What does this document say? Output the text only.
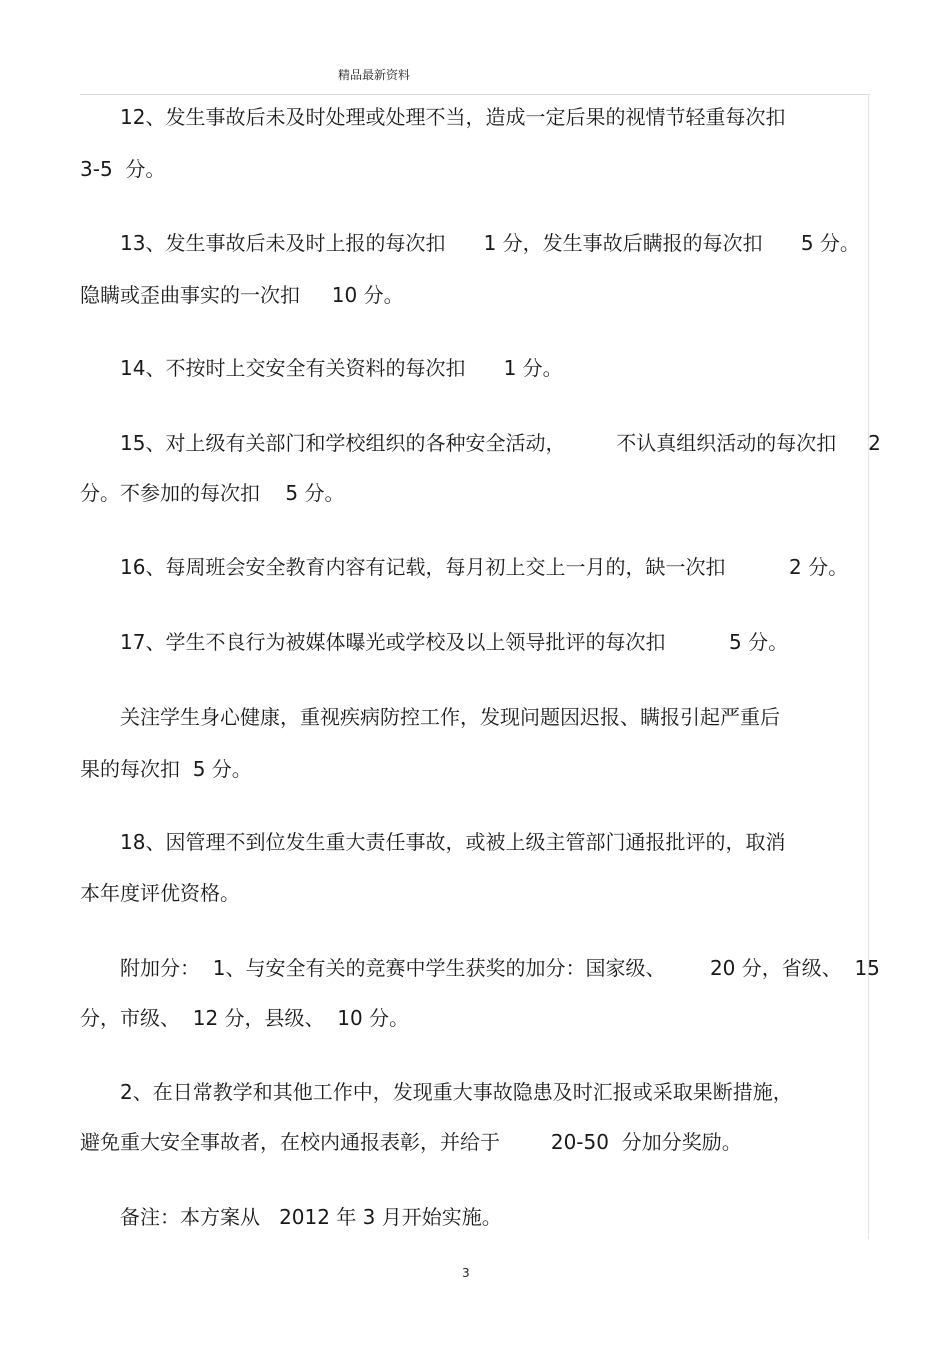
精品最新资料
12、发生事故后未及时处理或处理不当，造成一定后果的视情节轻重每次扣
3-5  分。
13、发生事故后未及时上报的每次扣      1 分，发生事故后瞒报的每次扣      5 分。
隐瞒或歪曲事实的一次扣     10 分。
14、不按时上交安全有关资料的每次扣      1 分。
15、对上级有关部门和学校组织的各种安全活动，        不认真组织活动的每次扣     2
分。不参加的每次扣    5 分。
16、每周班会安全教育内容有记载，每月初上交上一月的，缺一次扣          2 分。
17、学生不良行为被媒体曝光或学校及以上领导批评的每次扣          5 分。
关注学生身心健康，重视疾病防控工作，发现问题因迟报、瞒报引起严重后
果的每次扣  5 分。
18、因管理不到位发生重大责任事故，或被上级主管部门通报批评的，取消
本年度评优资格。
附加分：  1、与安全有关的竞赛中学生获奖的加分：国家级、       20 分，省级、  15
分，市级、  12 分，县级、  10 分。
2、在日常教学和其他工作中，发现重大事故隐患及时汇报或采取果断措施，
避免重大安全事故者，在校内通报表彰，并给于        20-50  分加分奖励。
备注：本方案从   2012 年 3 月开始实施。
3
